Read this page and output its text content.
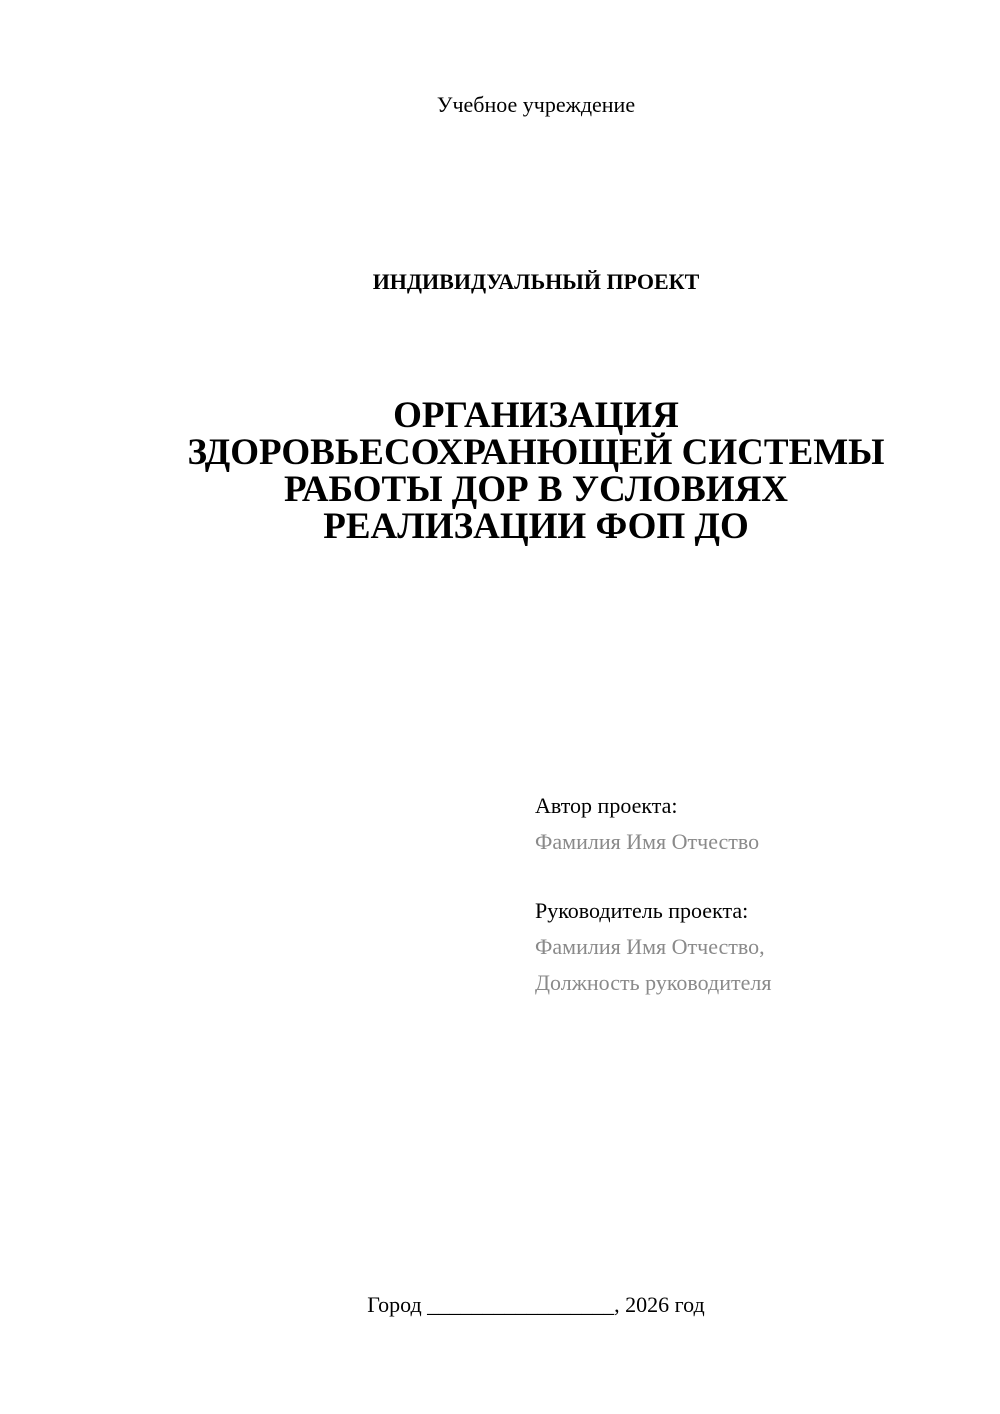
Учебное учреждение
ИНДИВИДУАЛЬНЫЙ ПРОЕКТ
ОРГАНИЗАЦИЯ
ЗДОРОВЬЕСОХРАНЮЩЕЙ СИСТЕМЫ
РАБОТЫ ДОР В УСЛОВИЯХ
РЕАЛИЗАЦИИ ФОП ДО
Автор проекта:
Фамилия Имя Отчество
Руководитель проекта:
Фамилия Имя Отчество,
Должность руководителя
Город _________________, 2026 год
